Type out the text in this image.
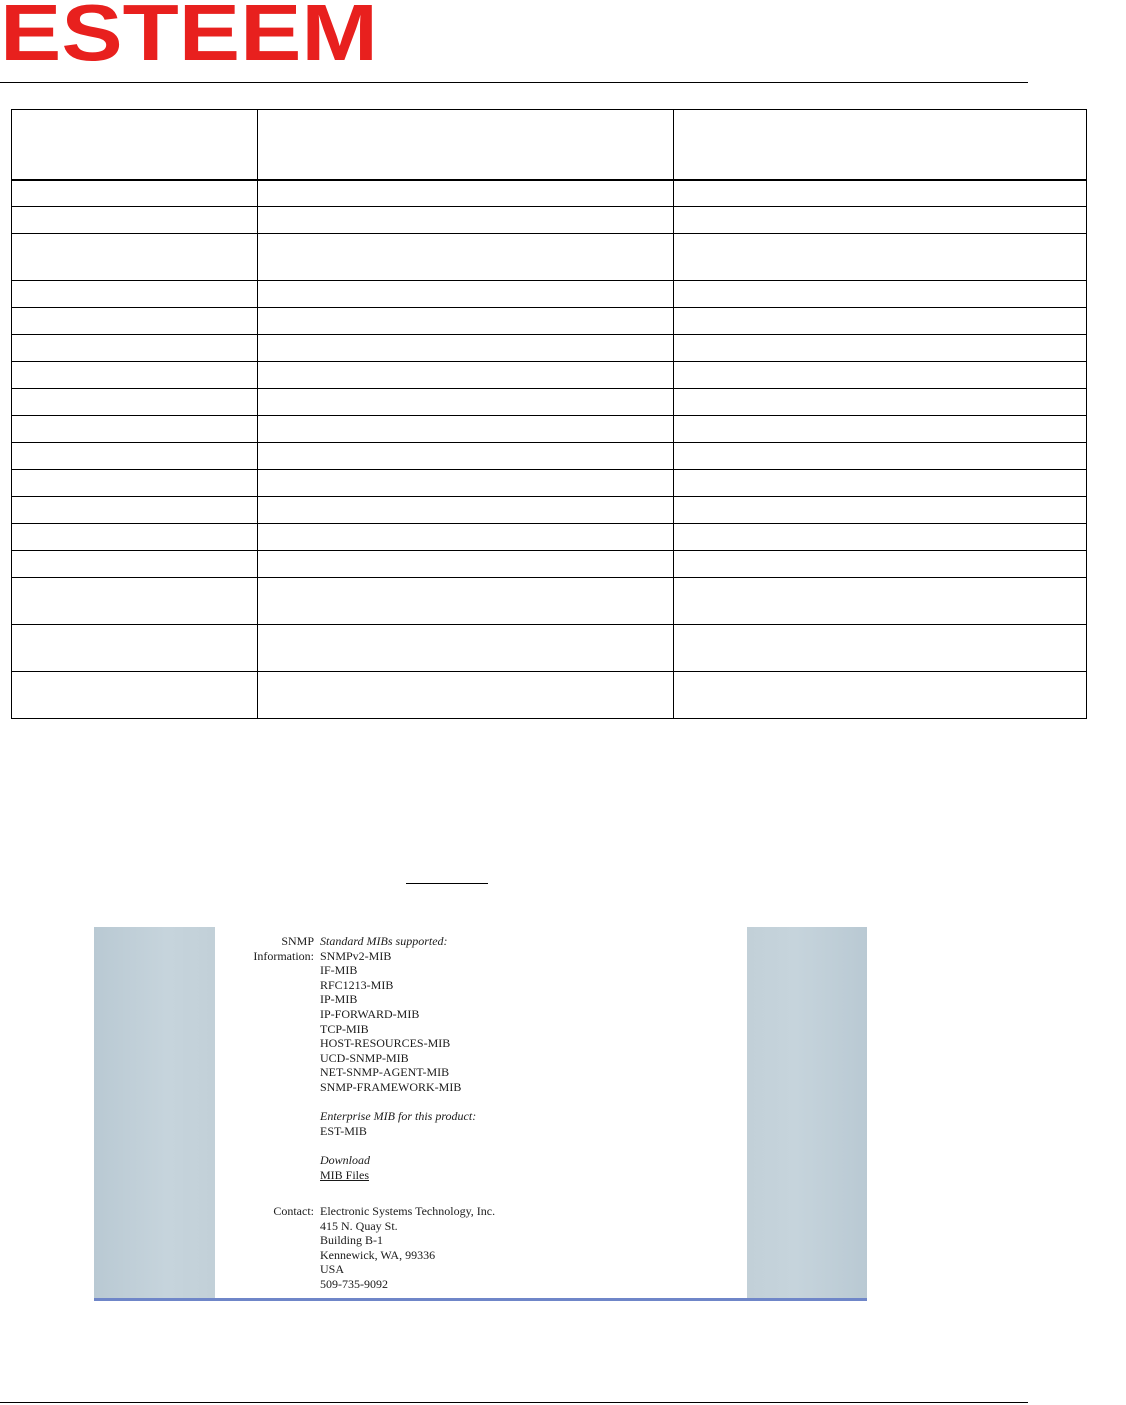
ESTEEM

SNMP
Information:
Standard MIBs supported:
SNMPv2-MIB
IF-MIB
RFC1213-MIB
IP-MIB
IP-FORWARD-MIB
TCP-MIB
HOST-RESOURCES-MIB
UCD-SNMP-MIB
NET-SNMP-AGENT-MIB
SNMP-FRAMEWORK-MIB
Enterprise MIB for this product:
EST-MIB
Download
MIB Files
Contact: Electronic Systems Technology, Inc.
415 N. Quay St.
Building B-1
Kennewick, WA, 99336
USA
509-735-9092
